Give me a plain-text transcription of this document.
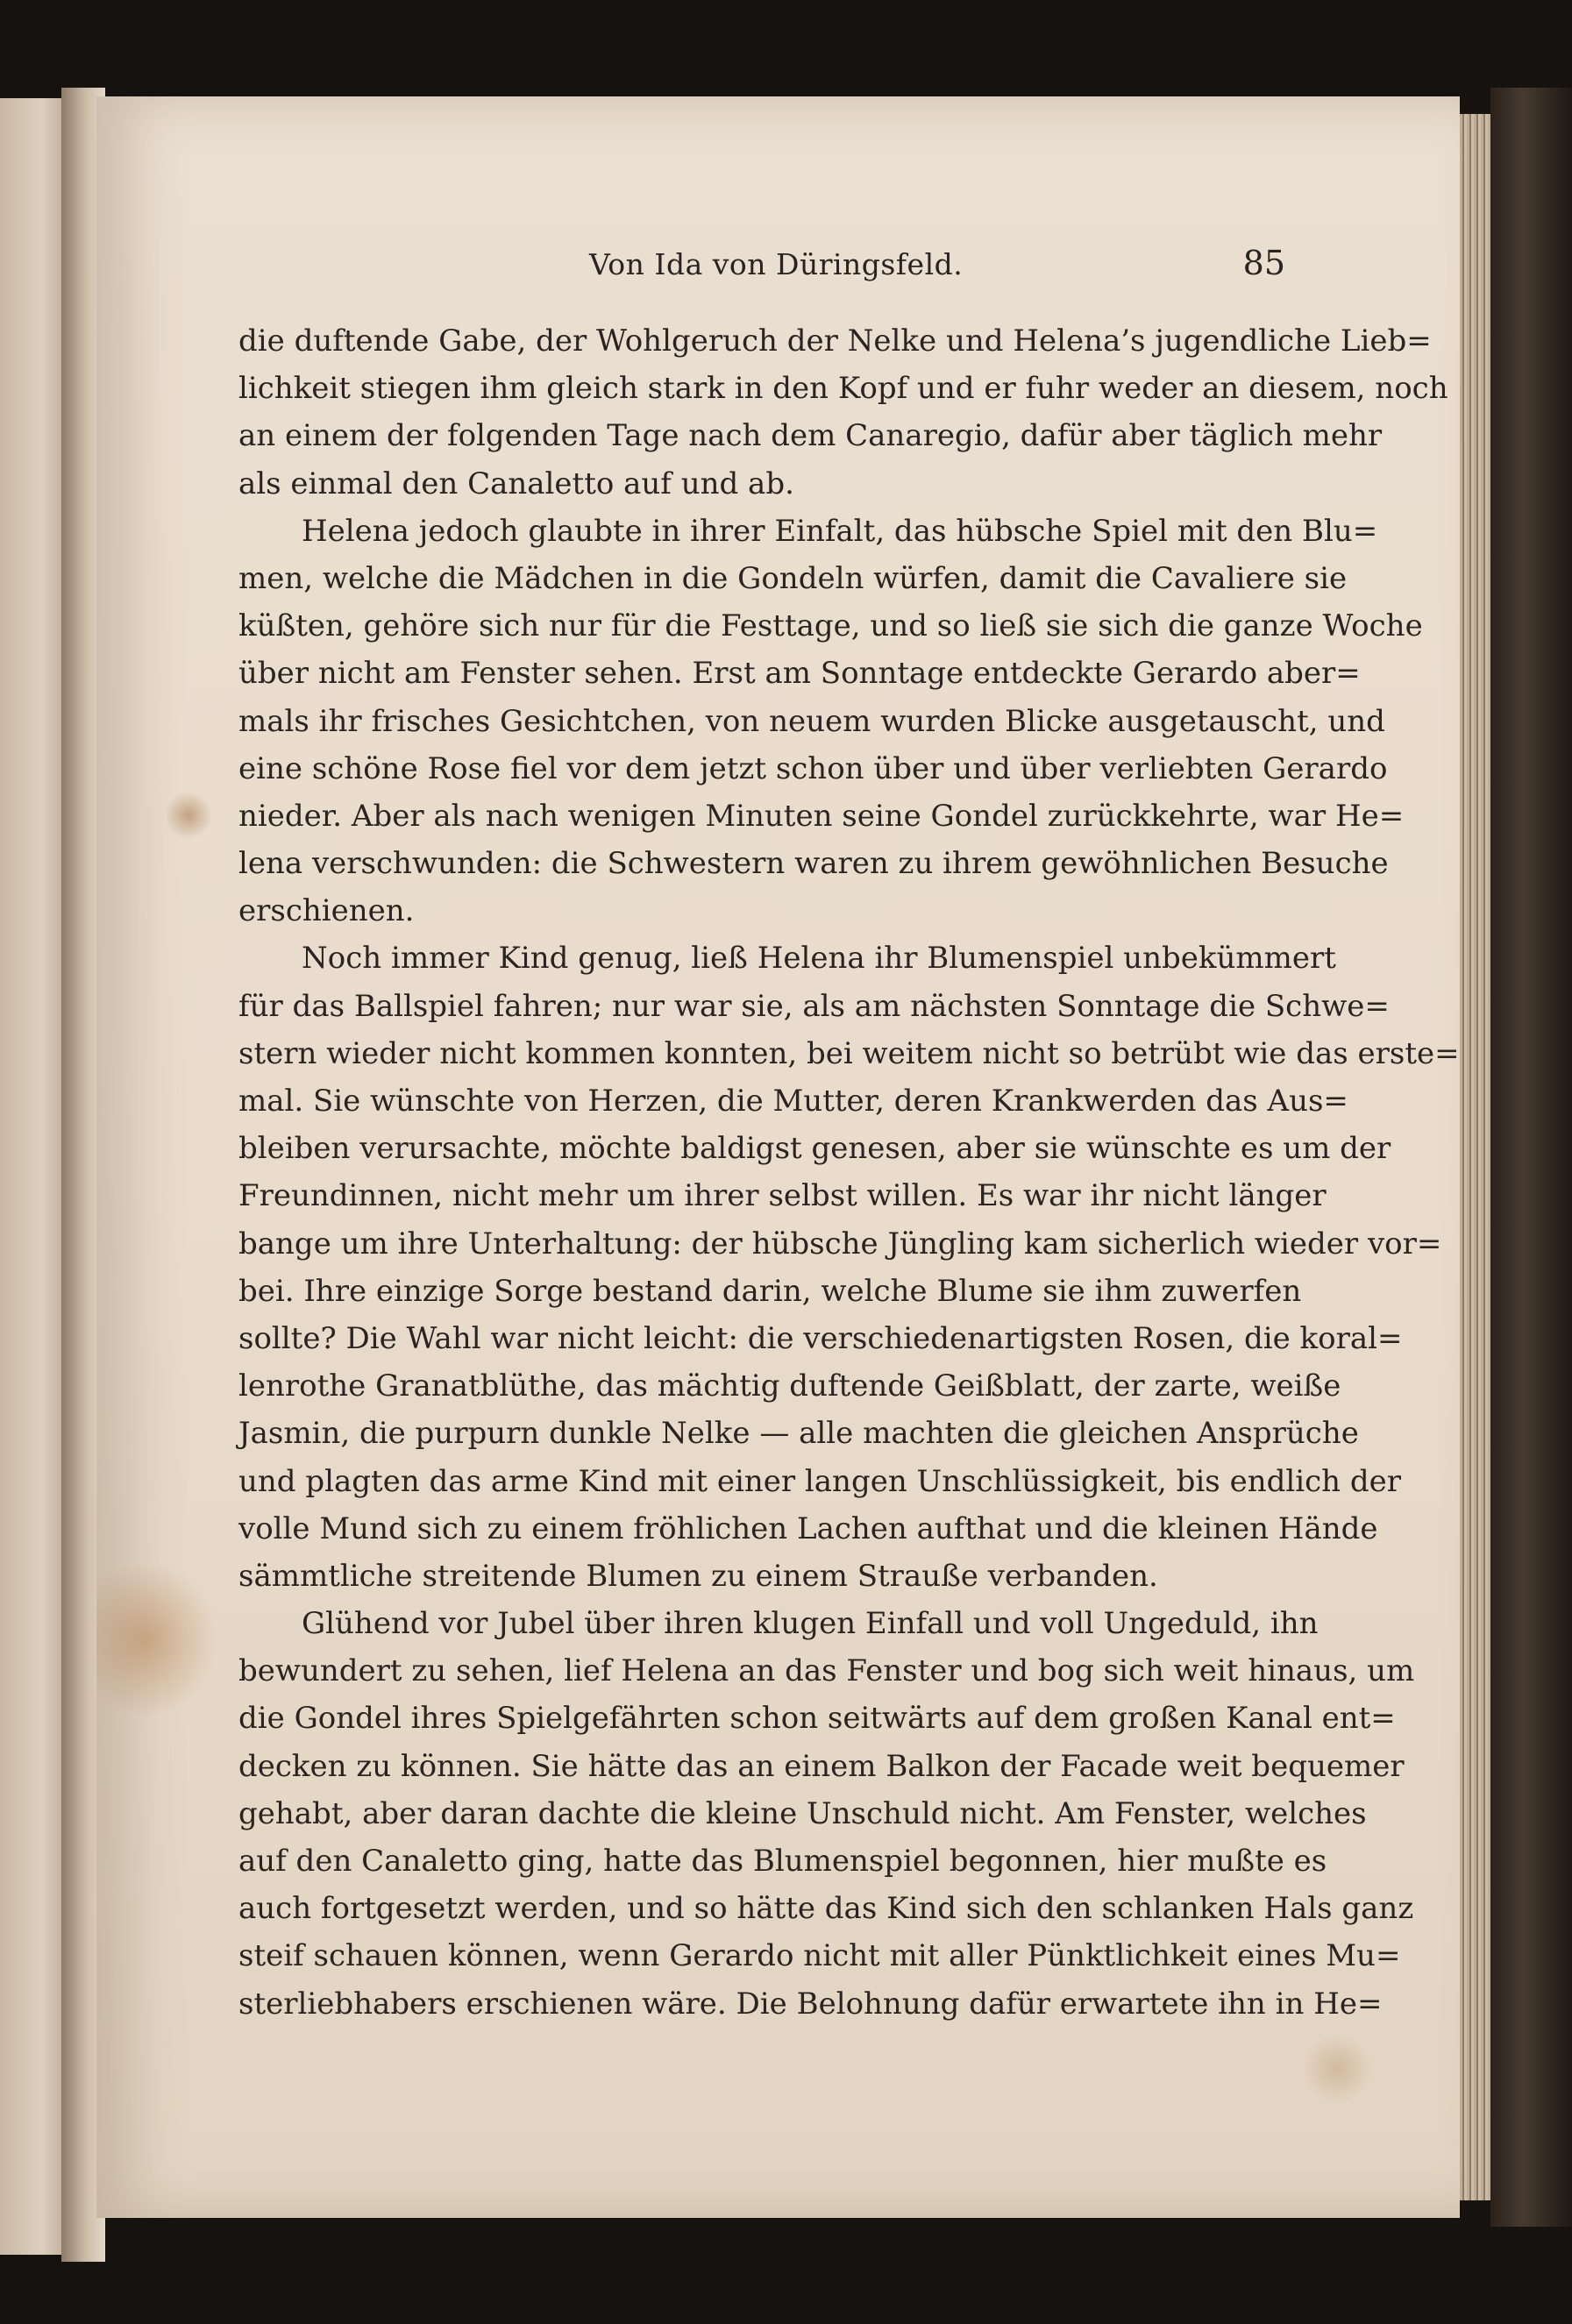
Von Ida von Düringsfeld.	85
die duftende Gabe, der Wohlgeruch der Nelke und Helena’s jugendliche Lieb=
lichkeit stiegen ihm gleich stark in den Kopf und er fuhr weder an diesem, noch
an einem der folgenden Tage nach dem Canaregio, dafür aber täglich mehr
als einmal den Canaletto auf und ab.
Helena jedoch glaubte in ihrer Einfalt, das hübsche Spiel mit den Blu=
men, welche die Mädchen in die Gondeln würfen, damit die Cavaliere sie
küßten, gehöre sich nur für die Festtage, und so ließ sie sich die ganze Woche
über nicht am Fenster sehen. Erst am Sonntage entdeckte Gerardo aber=
mals ihr frisches Gesichtchen, von neuem wurden Blicke ausgetauscht, und
eine schöne Rose fiel vor dem jetzt schon über und über verliebten Gerardo
nieder. Aber als nach wenigen Minuten seine Gondel zurückkehrte, war He=
lena verschwunden: die Schwestern waren zu ihrem gewöhnlichen Besuche
erschienen.
Noch immer Kind genug, ließ Helena ihr Blumenspiel unbekümmert
für das Ballspiel fahren; nur war sie, als am nächsten Sonntage die Schwe=
stern wieder nicht kommen konnten, bei weitem nicht so betrübt wie das erste=
mal. Sie wünschte von Herzen, die Mutter, deren Krankwerden das Aus=
bleiben verursachte, möchte baldigst genesen, aber sie wünschte es um der
Freundinnen, nicht mehr um ihrer selbst willen. Es war ihr nicht länger
bange um ihre Unterhaltung: der hübsche Jüngling kam sicherlich wieder vor=
bei. Ihre einzige Sorge bestand darin, welche Blume sie ihm zuwerfen
sollte? Die Wahl war nicht leicht: die verschiedenartigsten Rosen, die koral=
lenrothe Granatblüthe, das mächtig duftende Geißblatt, der zarte, weiße
Jasmin, die purpurn dunkle Nelke — alle machten die gleichen Ansprüche
und plagten das arme Kind mit einer langen Unschlüssigkeit, bis endlich der
volle Mund sich zu einem fröhlichen Lachen aufthat und die kleinen Hände
sämmtliche streitende Blumen zu einem Strauße verbanden.
Glühend vor Jubel über ihren klugen Einfall und voll Ungeduld, ihn
bewundert zu sehen, lief Helena an das Fenster und bog sich weit hinaus, um
die Gondel ihres Spielgefährten schon seitwärts auf dem großen Kanal ent=
decken zu können. Sie hätte das an einem Balkon der Facade weit bequemer
gehabt, aber daran dachte die kleine Unschuld nicht. Am Fenster, welches
auf den Canaletto ging, hatte das Blumenspiel begonnen, hier mußte es
auch fortgesetzt werden, und so hätte das Kind sich den schlanken Hals ganz
steif schauen können, wenn Gerardo nicht mit aller Pünktlichkeit eines Mu=
sterliebhabers erschienen wäre. Die Belohnung dafür erwartete ihn in He=
